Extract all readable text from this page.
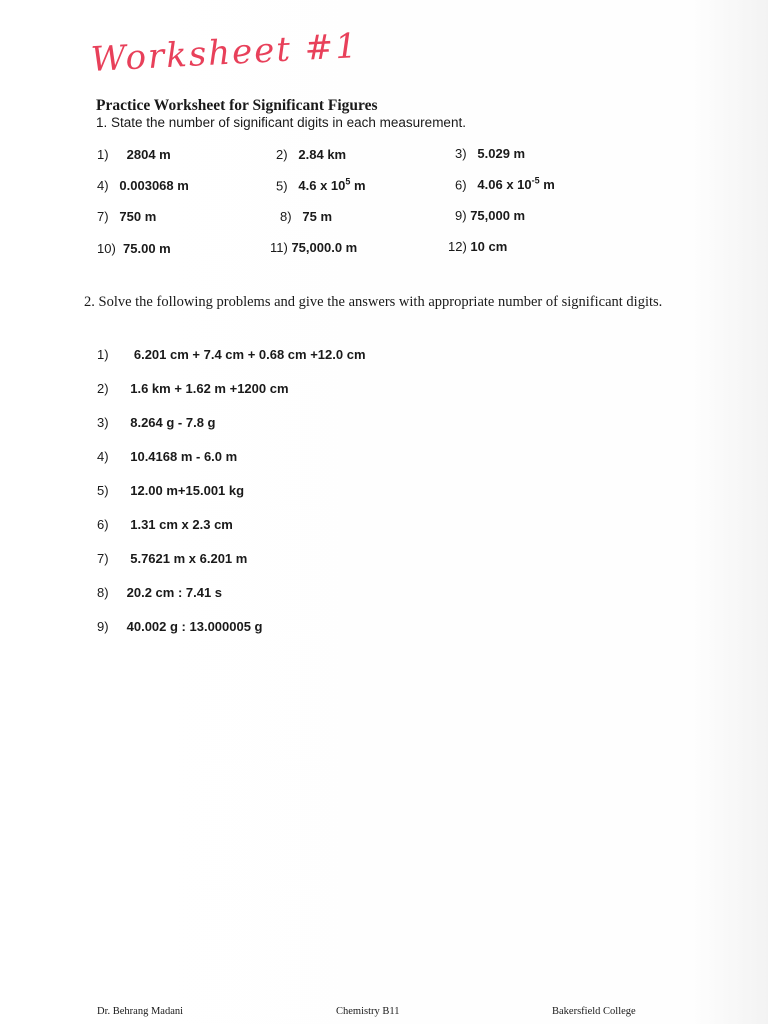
Worksheet #1
Practice Worksheet for Significant Figures
1. State the number of significant digits in each measurement.
1) 2804 m	2) 2.84 km	3) 5.029 m
4) 0.003068 m	5) 4.6 x $10^5$ m	6) 4.06 x $10^{-5}$ m
7) 750 m	8) 75 m	9) 75,000 m
10) 75.00 m	11) 75,000.0 m	12) 10 cm
2. Solve the following problems and give the answers with appropriate number of significant digits.
1) 6.201 cm + 7.4 cm + 0.68 cm +12.0 cm
2) 1.6 km + 1.62 m +1200 cm
3) 8.264 g - 7.8 g
4) 10.4168 m - 6.0 m
5) 12.00 m+15.001 kg
6) 1.31 cm x 2.3 cm
7) 5.7621 m x 6.201 m
8) 20.2 cm : 7.41 s
9) 40.002 g : 13.000005 g
Dr. Behrang Madani	Chemistry B11	Bakersfield College
